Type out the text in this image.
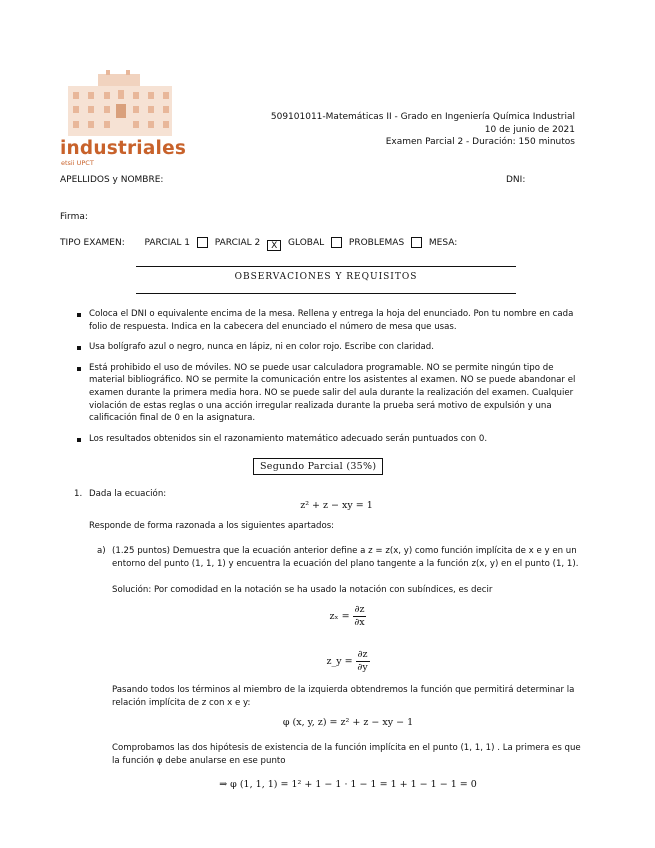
industriales
etsii UPCT
509101011-Matemáticas II - Grado en Ingeniería Química Industrial
10 de junio de 2021
Examen Parcial 2 - Duración: 150 minutos
APELLIDOS y NOMBRE:	DNI:
Firma:
TIPO EXAMEN: PARCIAL 1	PARCIAL 2 X GLOBAL	PROBLEMAS	MESA:
OBSERVACIONES Y REQUISITOS
Coloca el DNI o equivalente encima de la mesa. Rellena y entrega la hoja del enunciado. Pon tu nombre en cada folio de respuesta. Indica en la cabecera del enunciado el número de mesa que usas.
Usa bolígrafo azul o negro, nunca en lápiz, ni en color rojo. Escribe con claridad.
Está prohibido el uso de móviles. NO se puede usar calculadora programable. NO se permite ningún tipo de material bibliográfico. NO se permite la comunicación entre los asistentes al examen. NO se puede abandonar el examen durante la primera media hora. NO se puede salir del aula durante la realización del examen. Cualquier violación de estas reglas o una acción irregular realizada durante la prueba será motivo de expulsión y una calificación final de 0 en la asignatura.
Los resultados obtenidos sin el razonamiento matemático adecuado serán puntuados con 0.
Segundo Parcial (35%)
1. Dada la ecuación:
z² + z − xy = 1
Responde de forma razonada a los siguientes apartados:
a) (1.25 puntos) Demuestra que la ecuación anterior define a z = z(x, y) como función implícita de x e y en un entorno del punto (1, 1, 1) y encuentra la ecuación del plano tangente a la función z(x, y) en el punto (1, 1).
Solución: Por comodidad en la notación se ha usado la notación con subíndices, es decir
$z_x = \frac{\partial z}{\partial x}$
z_y = $\frac{\partial z}{\partial y}$
Pasando todos los términos al miembro de la izquierda obtendremos la función que permitirá determinar la relación implícita de z con x e y:
φ (x, y, z) = z² + z − xy − 1
Comprobamos las dos hipótesis de existencia de la función implícita en el punto (1, 1, 1) . La primera es que la función φ debe anularse en ese punto
⇒ φ (1, 1, 1) = 1² + 1 − 1 · 1 − 1 = 1 + 1 − 1 − 1 = 0
